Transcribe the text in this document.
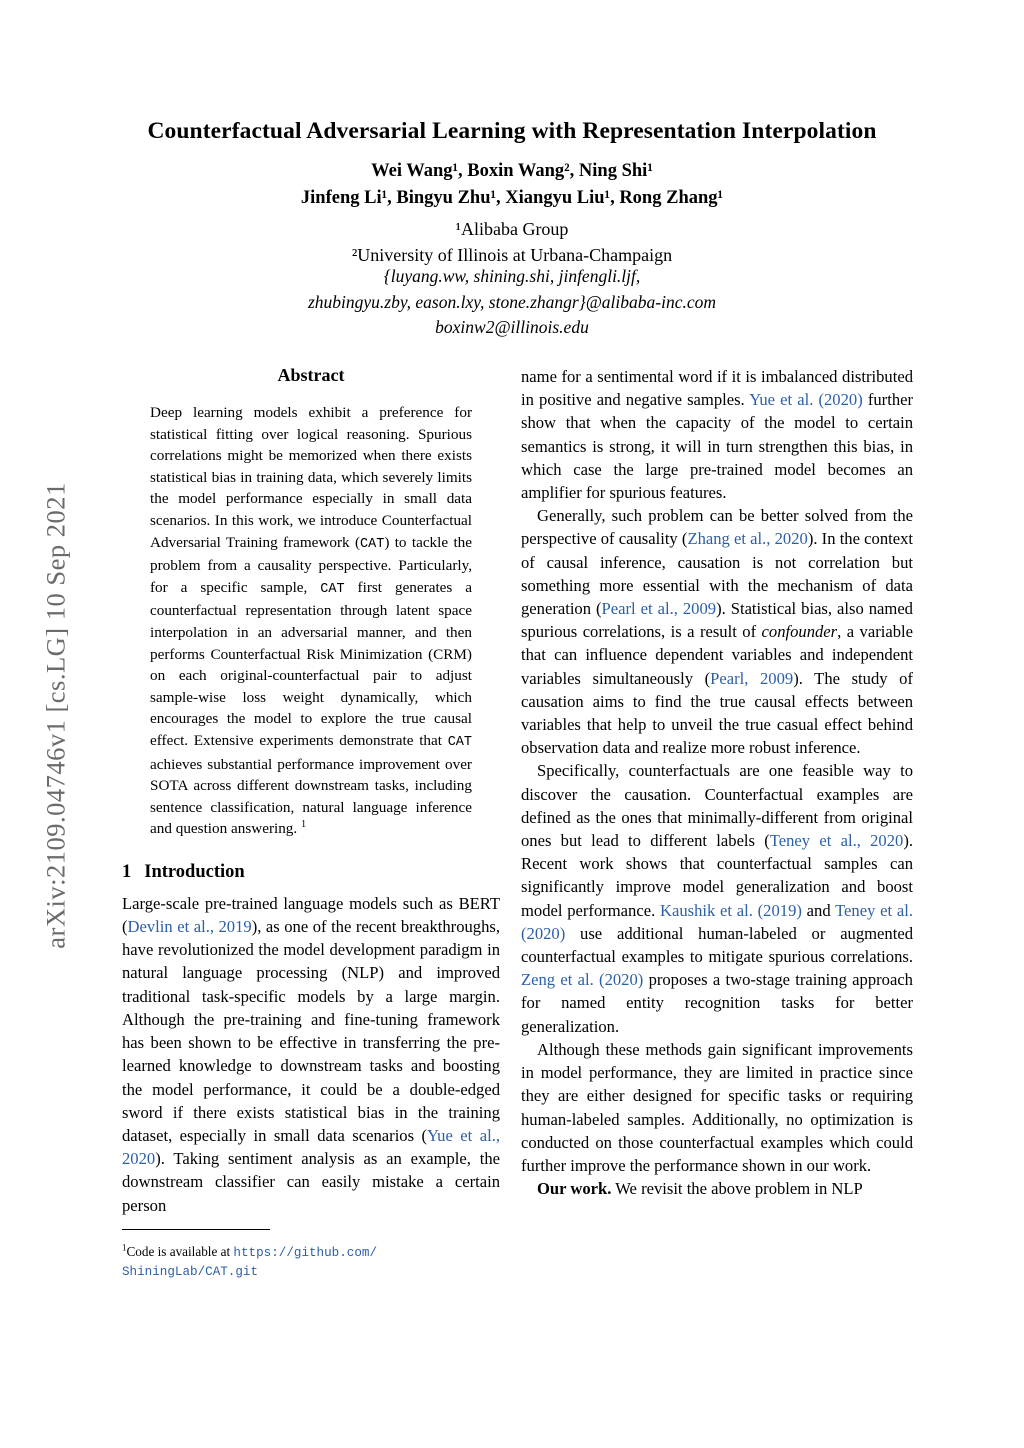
arXiv:2109.04746v1 [cs.LG] 10 Sep 2021
Counterfactual Adversarial Learning with Representation Interpolation
Wei Wang¹, Boxin Wang², Ning Shi¹
Jinfeng Li¹, Bingyu Zhu¹, Xiangyu Liu¹, Rong Zhang¹
¹Alibaba Group
²University of Illinois at Urbana-Champaign
{luyang.ww, shining.shi, jinfengli.ljf,
zhubingyu.zby, eason.lxy, stone.zhangr}@alibaba-inc.com
boxinw2@illinois.edu
Abstract

Deep learning models exhibit a preference for statistical fitting over logical reasoning. Spurious correlations might be memorized when there exists statistical bias in training data, which severely limits the model performance especially in small data scenarios. In this work, we introduce Counterfactual Adversarial Training framework (CAT) to tackle the problem from a causality perspective. Particularly, for a specific sample, CAT first generates a counterfactual representation through latent space interpolation in an adversarial manner, and then performs Counterfactual Risk Minimization (CRM) on each original-counterfactual pair to adjust sample-wise loss weight dynamically, which encourages the model to explore the true causal effect. Extensive experiments demonstrate that CAT achieves substantial performance improvement over SOTA across different downstream tasks, including sentence classification, natural language inference and question answering. $^1$

1 Introduction

Large-scale pre-trained language models such as BERT (Devlin et al., 2019), as one of the recent breakthroughs, have revolutionized the model development paradigm in natural language processing (NLP) and improved traditional task-specific models by a large margin. Although the pre-training and fine-tuning framework has been shown to be effective in transferring the pre-learned knowledge to downstream tasks and boosting the model performance, it could be a double-edged sword if there exists statistical bias in the training dataset, especially in small data scenarios (Yue et al., 2020). Taking sentiment analysis as an example, the downstream classifier can easily mistake a certain person

$^1$Code is available at https://github.com/
ShiningLab/CAT.git

name for a sentimental word if it is imbalanced distributed in positive and negative samples. Yue et al. (2020) further show that when the capacity of the model to certain semantics is strong, it will in turn strengthen this bias, in which case the large pre-trained model becomes an amplifier for spurious features.

Generally, such problem can be better solved from the perspective of causality (Zhang et al., 2020). In the context of causal inference, causation is not correlation but something more essential with the mechanism of data generation (Pearl et al., 2009). Statistical bias, also named spurious correlations, is a result of confounder, a variable that can influence dependent variables and independent variables simultaneously (Pearl, 2009). The study of causation aims to find the true causal effects between variables that help to unveil the true casual effect behind observation data and realize more robust inference.

Specifically, counterfactuals are one feasible way to discover the causation. Counterfactual examples are defined as the ones that minimally-different from original ones but lead to different labels (Teney et al., 2020). Recent work shows that counterfactual samples can significantly improve model generalization and boost model performance. Kaushik et al. (2019) and Teney et al. (2020) use additional human-labeled or augmented counterfactual examples to mitigate spurious correlations. Zeng et al. (2020) proposes a two-stage training approach for named entity recognition tasks for better generalization.

Although these methods gain significant improvements in model performance, they are limited in practice since they are either designed for specific tasks or requiring human-labeled samples. Additionally, no optimization is conducted on those counterfactual examples which could further improve the performance shown in our work.

Our work. We revisit the above problem in NLP
